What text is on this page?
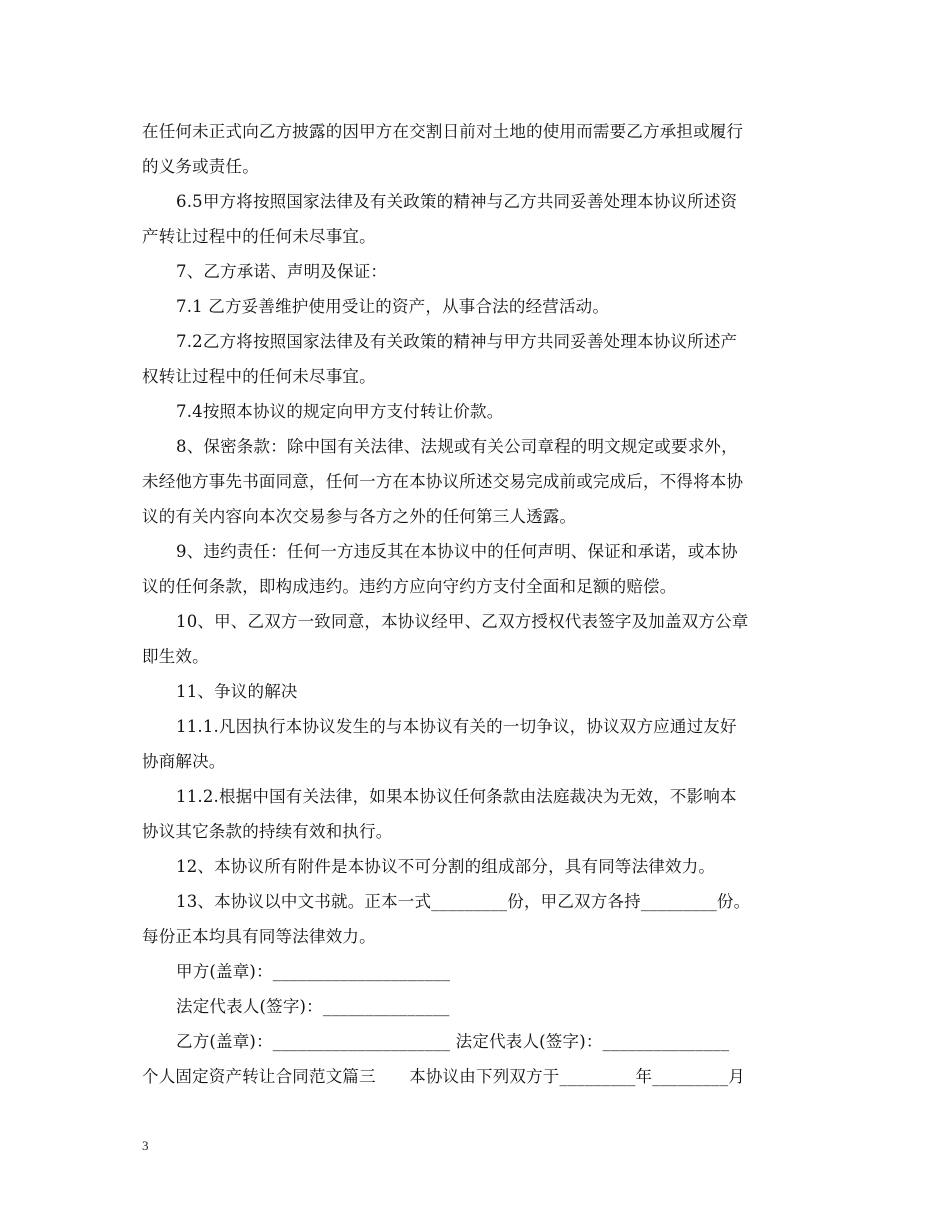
在任何未正式向乙方披露的因甲方在交割日前对土地的使用而需要乙方承担或履行
的义务或责任。
6.5甲方将按照国家法律及有关政策的精神与乙方共同妥善处理本协议所述资
产转让过程中的任何未尽事宜。
7、乙方承诺、声明及保证：
7.1 乙方妥善维护使用受让的资产，从事合法的经营活动。
7.2乙方将按照国家法律及有关政策的精神与甲方共同妥善处理本协议所述产
权转让过程中的任何未尽事宜。
7.4按照本协议的规定向甲方支付转让价款。
8、保密条款：除中国有关法律、法规或有关公司章程的明文规定或要求外，
未经他方事先书面同意，任何一方在本协议所述交易完成前或完成后，不得将本协
议的有关内容向本次交易参与各方之外的任何第三人透露。
9、违约责任：任何一方违反其在本协议中的任何声明、保证和承诺，或本协
议的任何条款，即构成违约。违约方应向守约方支付全面和足额的赔偿。
10、甲、乙双方一致同意，本协议经甲、乙双方授权代表签字及加盖双方公章
即生效。
11、争议的解决
11.1.凡因执行本协议发生的与本协议有关的一切争议，协议双方应通过友好
协商解决。
11.2.根据中国有关法律，如果本协议任何条款由法庭裁决为无效，不影响本
协议其它条款的持续有效和执行。
12、本协议所有附件是本协议不可分割的组成部分，具有同等法律效力。
13、本协议以中文书就。正本一式_________份，甲乙双方各持_________份。
每份正本均具有同等法律效力。
甲方(盖章)：_____________________
法定代表人(签字)：_______________
乙方(盖章)：_____________________ 法定代表人(签字)：_______________
个人固定资产转让合同范文篇三　　本协议由下列双方于_________年_________月
3
